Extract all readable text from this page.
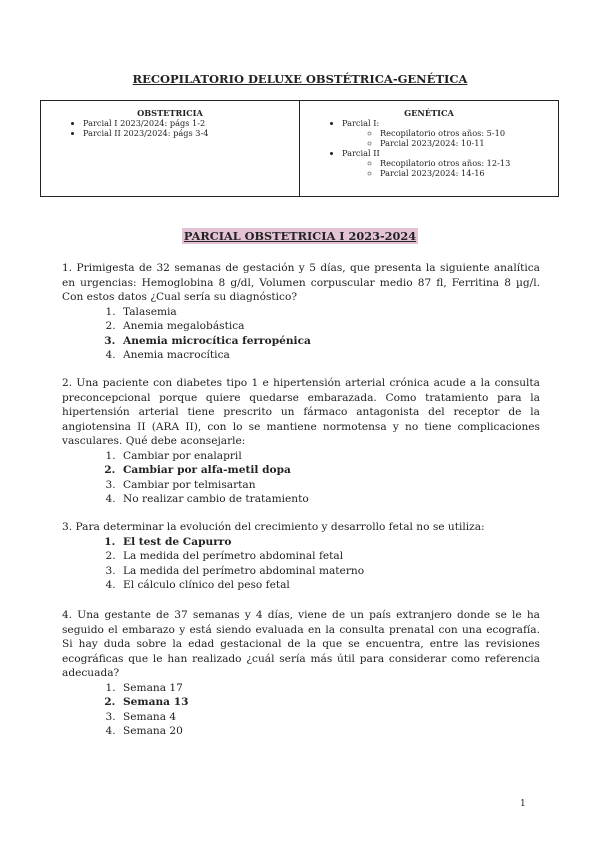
RECOPILATORIO DELUXE OBSTÉTRICA-GENÉTICA
OBSTETRICIA
• Parcial I 2023/2024: págs 1-2
• Parcial II 2023/2024: págs 3-4

GENÉTICA
• Parcial I:
◦ Recopilatorio otros años: 5-10
◦ Parcial 2023/2024: 10-11
• Parcial II
◦ Recopilatorio otros años: 12-13
◦ Parcial 2023/2024: 14-16
PARCIAL OBSTETRICIA I 2023-2024

1. Primigesta de 32 semanas de gestación y 5 días, que presenta la siguiente analítica en urgencias: Hemoglobina 8 g/dl, Volumen corpuscular medio 87 fl, Ferritina 8 µg/l. Con estos datos ¿Cual sería su diagnóstico?

1. Talasemia
2. Anemia megalobástica
3. Anemia microcítica ferropénica
4. Anemia macrocítica

2. Una paciente con diabetes tipo 1 e hipertensión arterial crónica acude a la consulta preconcepcional porque quiere quedarse embarazada. Como tratamiento para la hipertensión arterial tiene prescrito un fármaco antagonista del receptor de la angiotensina II (ARA II), con lo se mantiene normotensa y no tiene complicaciones vasculares. Qué debe aconsejarle:

1. Cambiar por enalapril
2. Cambiar por alfa-metil dopa
3. Cambiar por telmisartan
4. No realizar cambio de tratamiento

3. Para determinar la evolución del crecimiento y desarrollo fetal no se utiliza:

1. El test de Capurro
2. La medida del perímetro abdominal fetal
3. La medida del perímetro abdominal materno
4. El cálculo clínico del peso fetal

4. Una gestante de 37 semanas y 4 días, viene de un país extranjero donde se le ha seguido el embarazo y está siendo evaluada en la consulta prenatal con una ecografía. Si hay duda sobre la edad gestacional de la que se encuentra, entre las revisiones ecográficas que le han realizado ¿cuál sería más útil para considerar como referencia adecuada?

1. Semana 17
2. Semana 13
3. Semana 4
4. Semana 20
1
